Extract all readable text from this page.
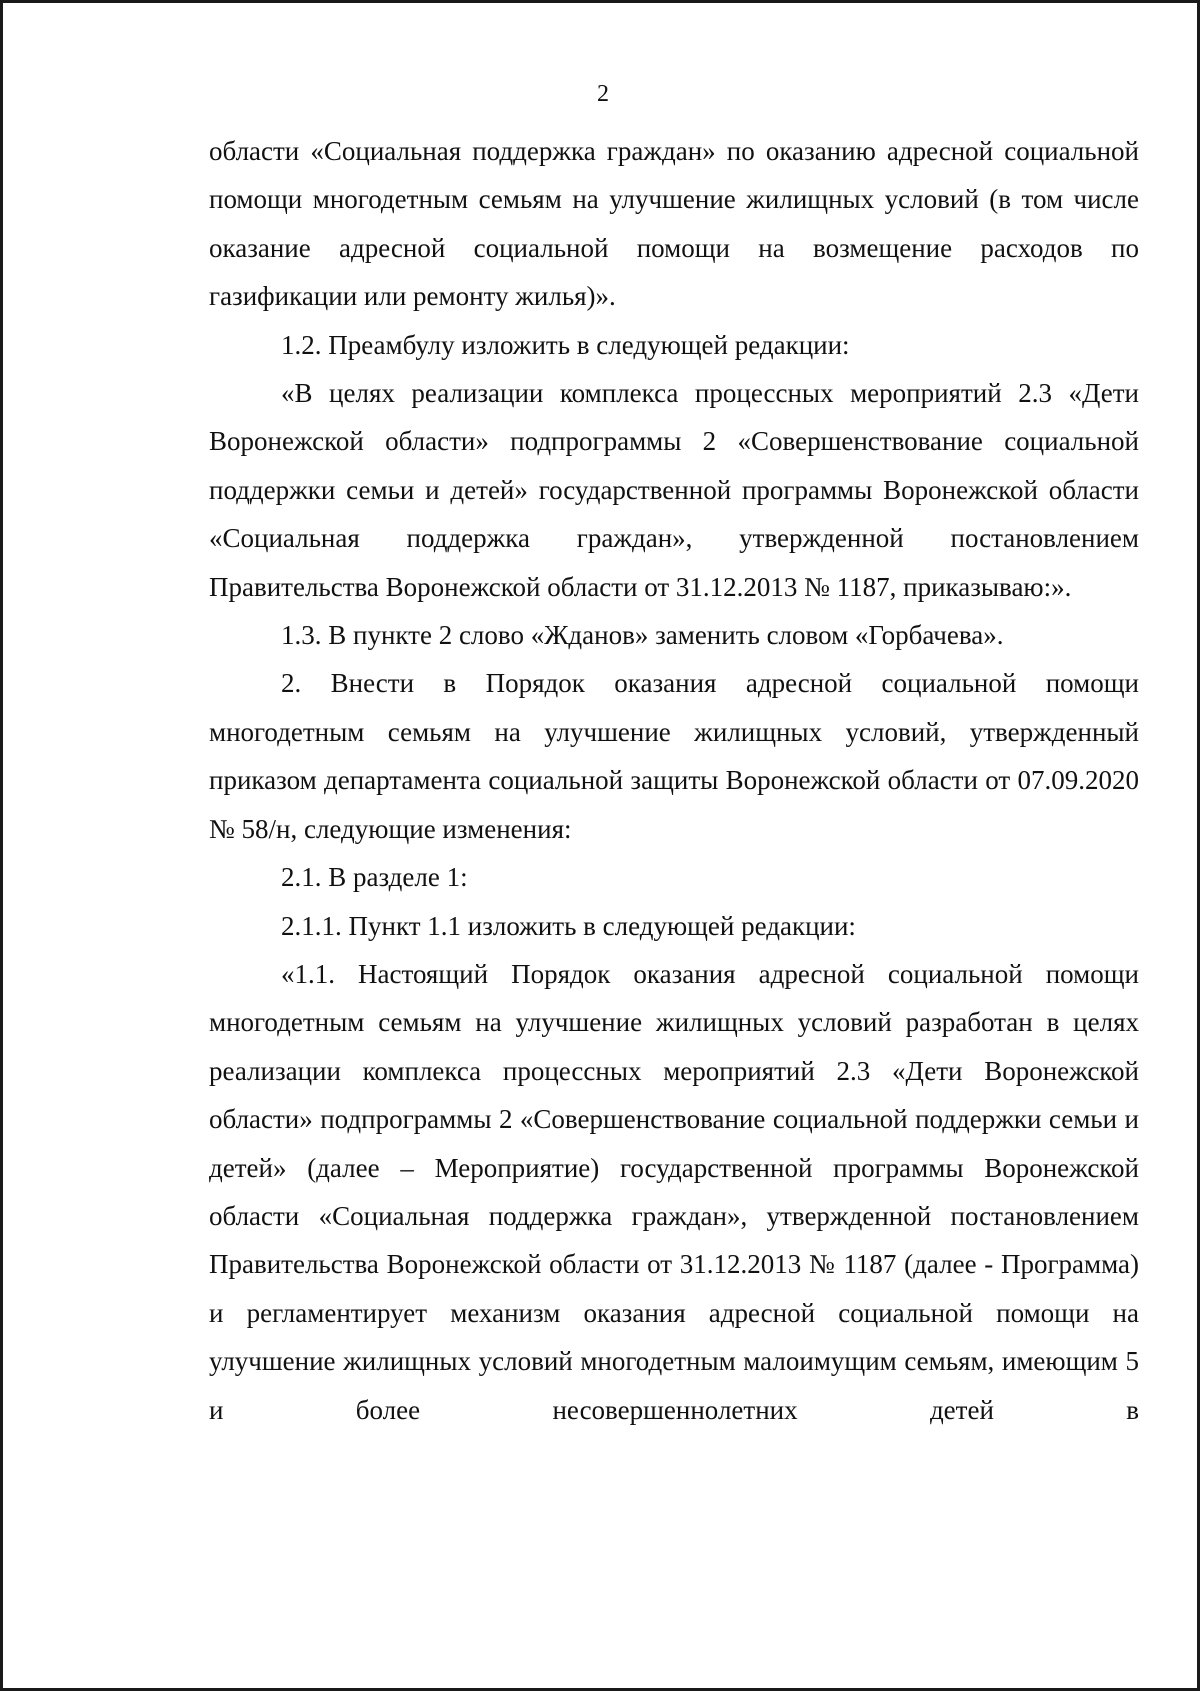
2

области «Социальная поддержка граждан» по оказанию адресной социальной помощи многодетным семьям на улучшение жилищных условий (в том числе оказание адресной социальной помощи на возмещение расходов по газификации или ремонту жилья)».

1.2. Преамбулу изложить в следующей редакции:

«В целях реализации комплекса процессных мероприятий 2.3 «Дети Воронежской области» подпрограммы 2 «Совершенствование социальной поддержки семьи и детей» государственной программы Воронежской области «Социальная поддержка граждан», утвержденной постановлением Правительства Воронежской области от 31.12.2013 № 1187, приказываю:».

1.3. В пункте 2 слово «Жданов» заменить словом «Горбачева».

2. Внести в Порядок оказания адресной социальной помощи многодетным семьям на улучшение жилищных условий, утвержденный приказом департамента социальной защиты Воронежской области от 07.09.2020 № 58/н, следующие изменения:

2.1. В разделе 1:

2.1.1. Пункт 1.1 изложить в следующей редакции:

«1.1. Настоящий Порядок оказания адресной социальной помощи многодетным семьям на улучшение жилищных условий разработан в целях реализации комплекса процессных мероприятий 2.3 «Дети Воронежской области» подпрограммы 2 «Совершенствование социальной поддержки семьи и детей» (далее – Мероприятие) государственной программы Воронежской области «Социальная поддержка граждан», утвержденной постановлением Правительства Воронежской области от 31.12.2013 № 1187 (далее - Программа) и регламентирует механизм оказания адресной социальной помощи на улучшение жилищных условий многодетным малоимущим семьям, имеющим 5 и более несовершеннолетних детей в
